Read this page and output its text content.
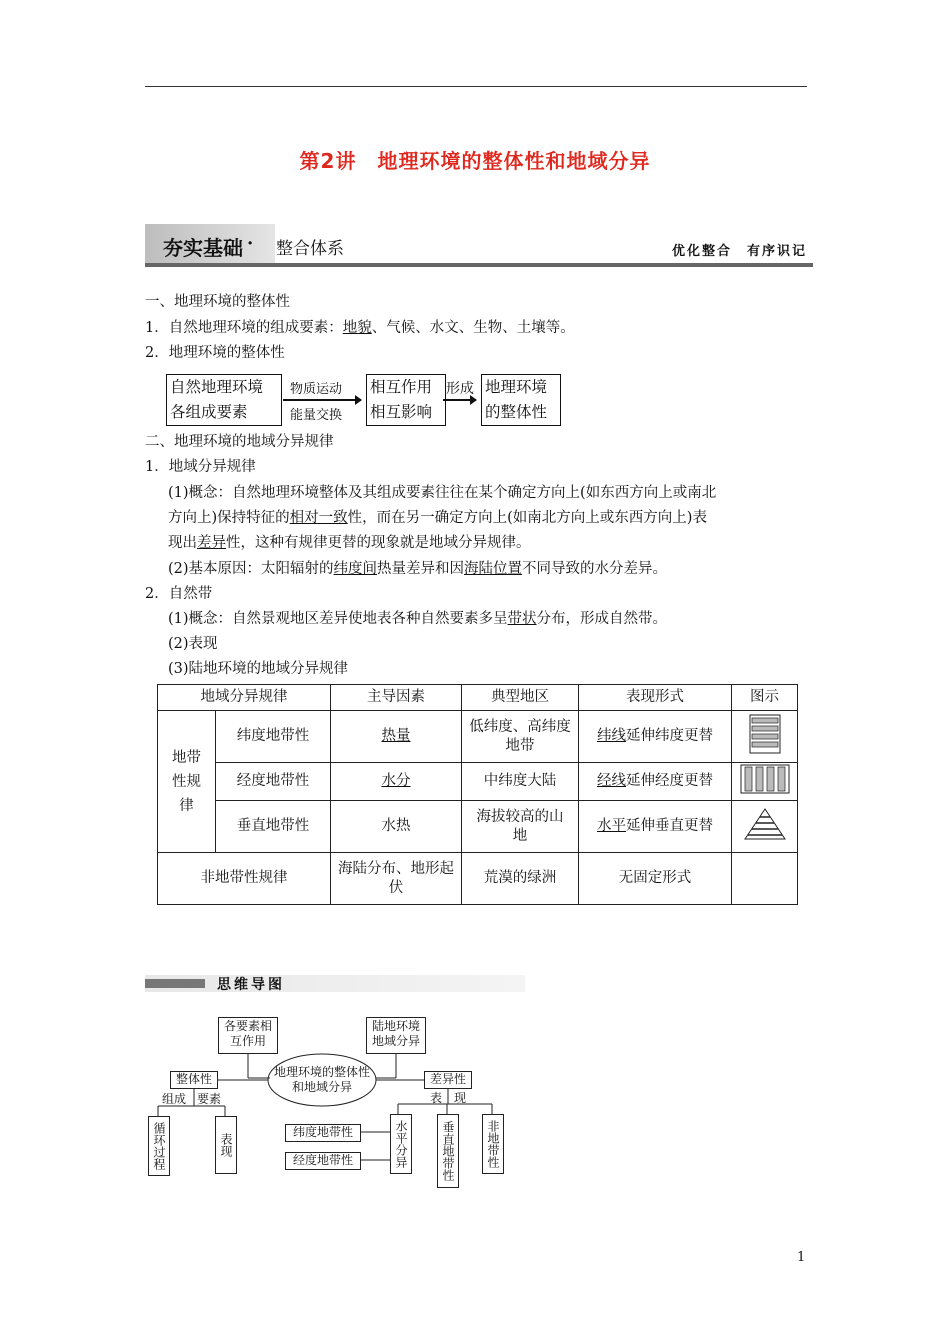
第2讲　地理环境的整体性和地域分异
夯实基础 · 整合体系	优化整合　有序识记
一、地理环境的整体性
1．自然地理环境的组成要素：地貌、气候、水文、生物、土壤等。
2．地理环境的整体性
自然地理环境
各组成要素
物质运动
能量交换
相互作用
相互影响
形成 地理环境
的整体性
二、地理环境的地域分异规律
1．地域分异规律
(1)概念：自然地理环境整体及其组成要素往往在某个确定方向上(如东西方向上或南北
方向上)保持特征的相对一致性，而在另一确定方向上(如南北方向上或东西方向上)表
现出差异性，这种有规律更替的现象就是地域分异规律。
(2)基本原因：太阳辐射的纬度间热量差异和因海陆位置不同导致的水分差异。
2．自然带
(1)概念：自然景观地区差异使地表各种自然要素多呈带状分布，形成自然带。
(2)表现
(3)陆地环境的地域分异规律
地域分异规律		主导因素	典型地区	表现形式	图示

地带性规律	纬度地带性	热量	低纬度、高纬度地带	纬线延伸纬度更替	
	经度地带性	水分	中纬度大陆	经线延伸经度更替	
	垂直地带性	水热	海拔较高的山地	水平延伸垂直更替	
非地带性规律		海陆分布、地形起伏	荒漠的绿洲	无固定形式	
思维导图
各要素相互作用
陆地环境地域分异
地理环境的整体性和地域分异
整体性	差异性
组成 要素	表 现
循环过程	表现
纬度地带性
经度地带性	水平分异	垂直地带性	非地带性
1
